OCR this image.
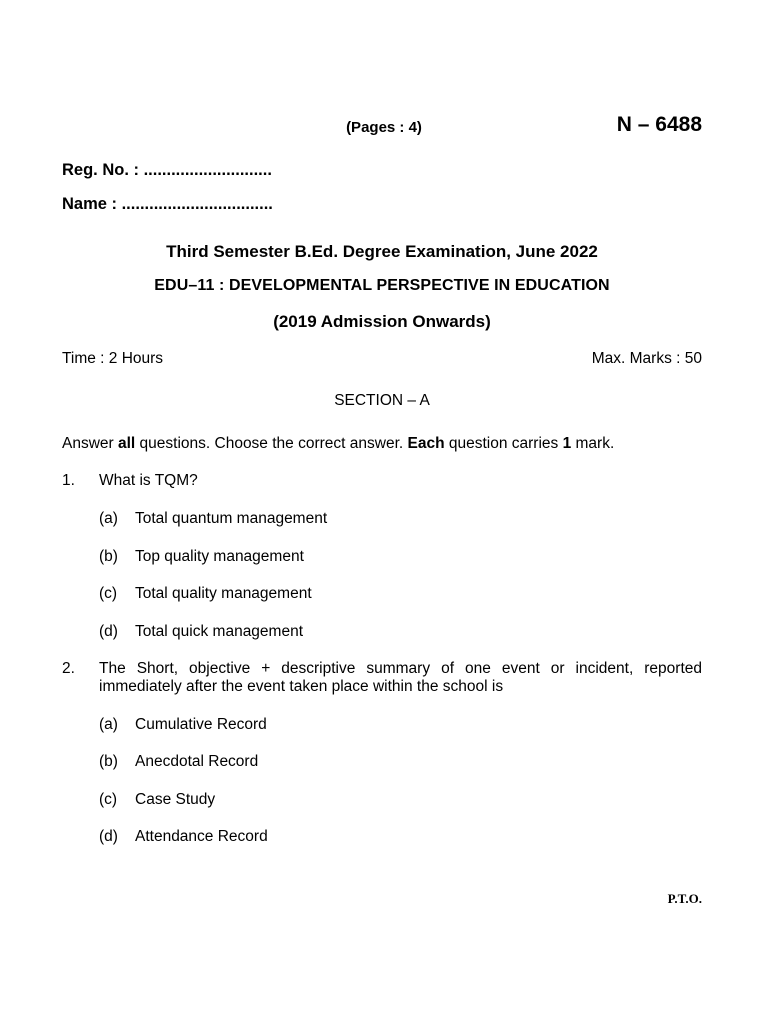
(Pages : 4)	N – 6488
Reg. No. : ............................
Name : .................................
Third Semester B.Ed. Degree Examination, June 2022
EDU–11 : DEVELOPMENTAL PERSPECTIVE IN EDUCATION
(2019 Admission Onwards)
Time : 2 Hours	Max. Marks : 50
SECTION – A
Answer all questions. Choose the correct answer. Each question carries 1 mark.
1. What is TQM?
(a) Total quantum management
(b) Top quality management
(c) Total quality management
(d) Total quick management
2. The Short, objective + descriptive summary of one event or incident, reported immediately after the event taken place within the school is
(a) Cumulative Record
(b) Anecdotal Record
(c) Case Study
(d) Attendance Record
P.T.O.
